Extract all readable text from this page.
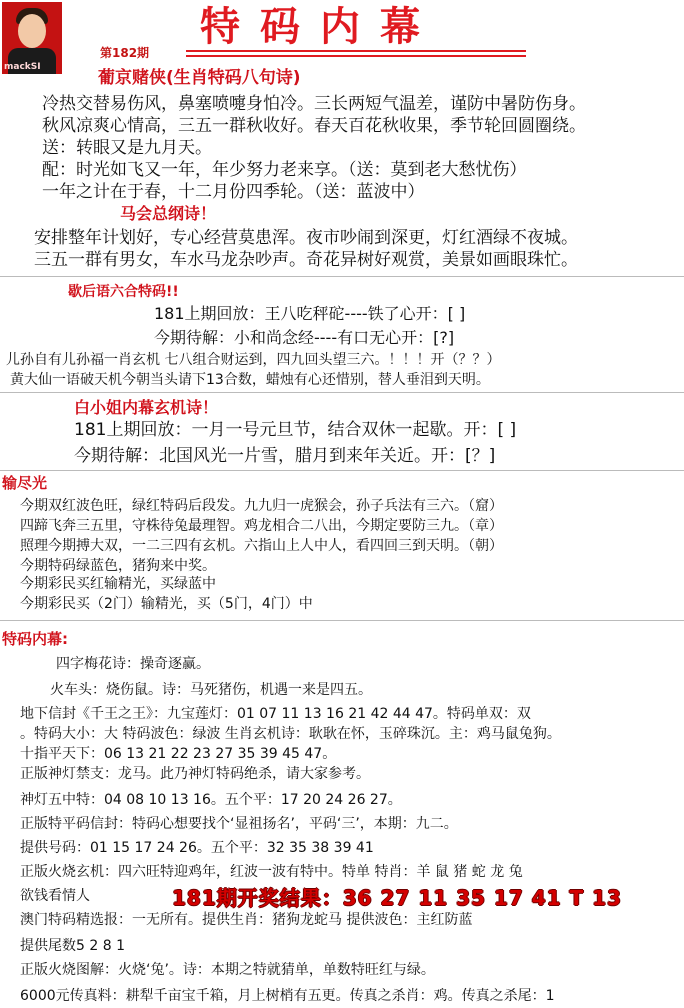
mackSI
特码内幕
第182期
葡京赌侠(生肖特码八句诗)
冷热交替易伤风，鼻塞喷嚏身怕冷。三长两短气温差，谨防中暑防伤身。
秋风凉爽心情高，三五一群秋收好。春天百花秋收果，季节轮回圆圈绕。
送：转眼又是九月天。
配：时光如飞又一年，年少努力老来享。（送：莫到老大愁忧伤）
一年之计在于春，十二月份四季轮。（送：蓝波中）
马会总纲诗！
安排整年计划好，专心经营莫患浑。夜市吵闹到深更，灯红酒绿不夜城。
三五一群有男女，车水马龙杂吵声。奇花异树好观赏，美景如画眼珠忙。
歇后语六合特码!!
181上期回放：王八吃秤砣----铁了心开：[ ]
今期待解：小和尚念经----有口无心开：[?]
儿孙自有儿孙福一肖玄机 七八组合财运到，四九回头望三六。！！！开（？？）
黄大仙一语破天机今朝当头请下13合数，蜡烛有心还惜别，替人垂泪到天明。
白小姐内幕玄机诗！
181上期回放：一月一号元旦节，结合双休一起歇。开：[ ]
今期待解：北国风光一片雪，腊月到来年关近。开：[？]
输尽光
今期双红波色旺，绿红特码后段发。九九归一虎猴会，孙子兵法有三六。（窟）
四蹄飞奔三五里，守株待兔最理智。鸡龙相合二八出，今期定要防三九。（章）
照理今期搏大双，一二三四有玄机。六指山上人中人，看四回三到天明。（朝）
今期特码绿蓝色，猪狗来中奖。
今期彩民买红输精光，买绿蓝中
今期彩民买（2门）输精光，买（5门，4门）中
特码内幕:
四字梅花诗：操奇逐赢。
火车头：烧伤鼠。诗：马死猪伤，机遇一来是四五。
地下信封《千王之王》：九宝莲灯：01 07 11 13 16 21 42 44 47。特码单双：双
。特码大小：大 特码波色：绿波 生肖玄机诗：耿耿在怀，玉碎珠沉。主：鸡马鼠兔狗。
十指平天下：06 13 21 22 23 27 35 39 45 47。
正版神灯禁支：龙马。此乃神灯特码绝杀，请大家参考。
神灯五中特：04 08 10 13 16。五个平：17 20 24 26 27。
正版特平码信封：特码心想要找个‘显祖扬名’，平码‘三’，本期：九二。
提供号码：01 15 17 24 26。五个平：32 35 38 39 41
正版火烧玄机：四六旺特迎鸡年，红波一波有特中。特单 特肖：羊 鼠 猪 蛇 龙 兔
欲钱看情人	181期开奖结果：36 27 11 35 17 41 T 13
澳门特码精选报：一无所有。提供生肖：猪狗龙蛇马 提供波色：主红防蓝
提供尾数5 2 8 1
正版火烧图解：火烧‘兔’。诗：本期之特就猜单，单数特旺红与绿。
6000元传真料：耕犁千亩宝千箱，月上树梢有五更。传真之杀肖：鸡。传真之杀尾：1
